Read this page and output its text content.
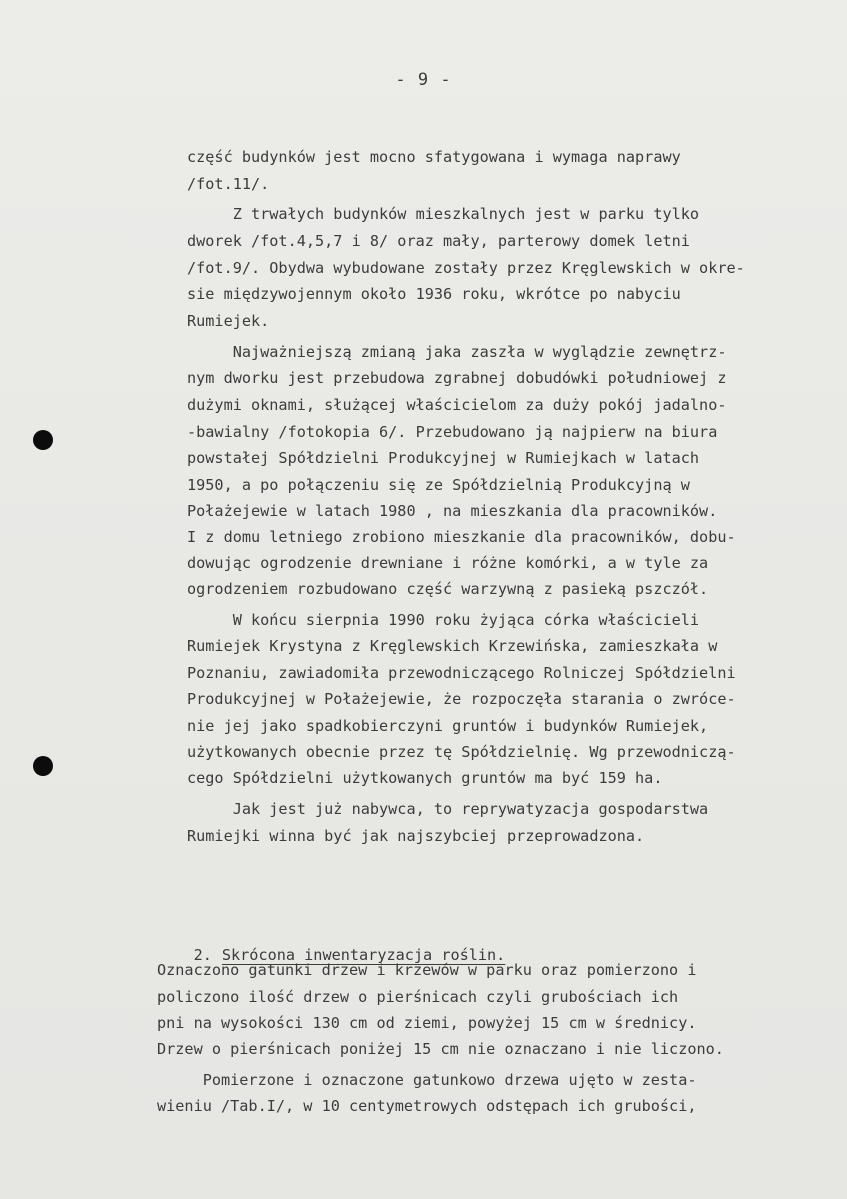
- 9 -
część budynków jest mocno sfatygowana i wymaga naprawy
/fot.11/.
Z trwałych budynków mieszkalnych jest w parku tylko
dworek /fot.4,5,7 i 8/ oraz mały, parterowy domek letni
/fot.9/. Obydwa wybudowane zostały przez Kręglewskich w okre-
sie międzywojennym około 1936 roku, wkrótce po nabyciu
Rumiejek.
Najważniejszą zmianą jaka zaszła w wyglądzie zewnętrz-
nym dworku jest przebudowa zgrabnej dobudówki południowej z
dużymi oknami, służącej właścicielom za duży pokój jadalno-
-bawialny /fotokopia 6/. Przebudowano ją najpierw na biura
powstałej Spółdzielni Produkcyjnej w Rumiejkach w latach
1950, a po połączeniu się ze Spółdzielnią Produkcyjną w
Połażejewie w latach 1980 , na mieszkania dla pracowników.
I z domu letniego zrobiono mieszkanie dla pracowników, dobu-
dowując ogrodzenie drewniane i różne komórki, a w tyle za
ogrodzeniem rozbudowano część warzywną z pasieką pszczół.
W końcu sierpnia 1990 roku żyjąca córka właścicieli
Rumiejek Krystyna z Kręglewskich Krzewińska, zamieszkała w
Poznaniu, zawiadomiła przewodniczącego Rolniczej Spółdzielni
Produkcyjnej w Połażejewie, że rozpoczęła starania o zwróce-
nie jej jako spadkobierczyni gruntów i budynków Rumiejek,
użytkowanych obecnie przez tę Spółdzielnię. Wg przewodniczą-
cego Spółdzielni użytkowanych gruntów ma być 159 ha.
Jak jest już nabywca, to reprywatyzacja gospodarstwa
Rumiejki winna być jak najszybciej przeprowadzona.

2. Skrócona inwentaryzacja roślin.

Oznaczono gatunki drzew i krzewów w parku oraz pomierzono i
policzono ilość drzew o pierśnicach czyli grubościach ich
pni na wysokości 130 cm od ziemi, powyżej 15 cm w średnicy.
Drzew o pierśnicach poniżej 15 cm nie oznaczano i nie liczono.
Pomierzone i oznaczone gatunkowo drzewa ujęto w zesta-
wieniu /Tab.I/, w 10 centymetrowych odstępach ich grubości,
